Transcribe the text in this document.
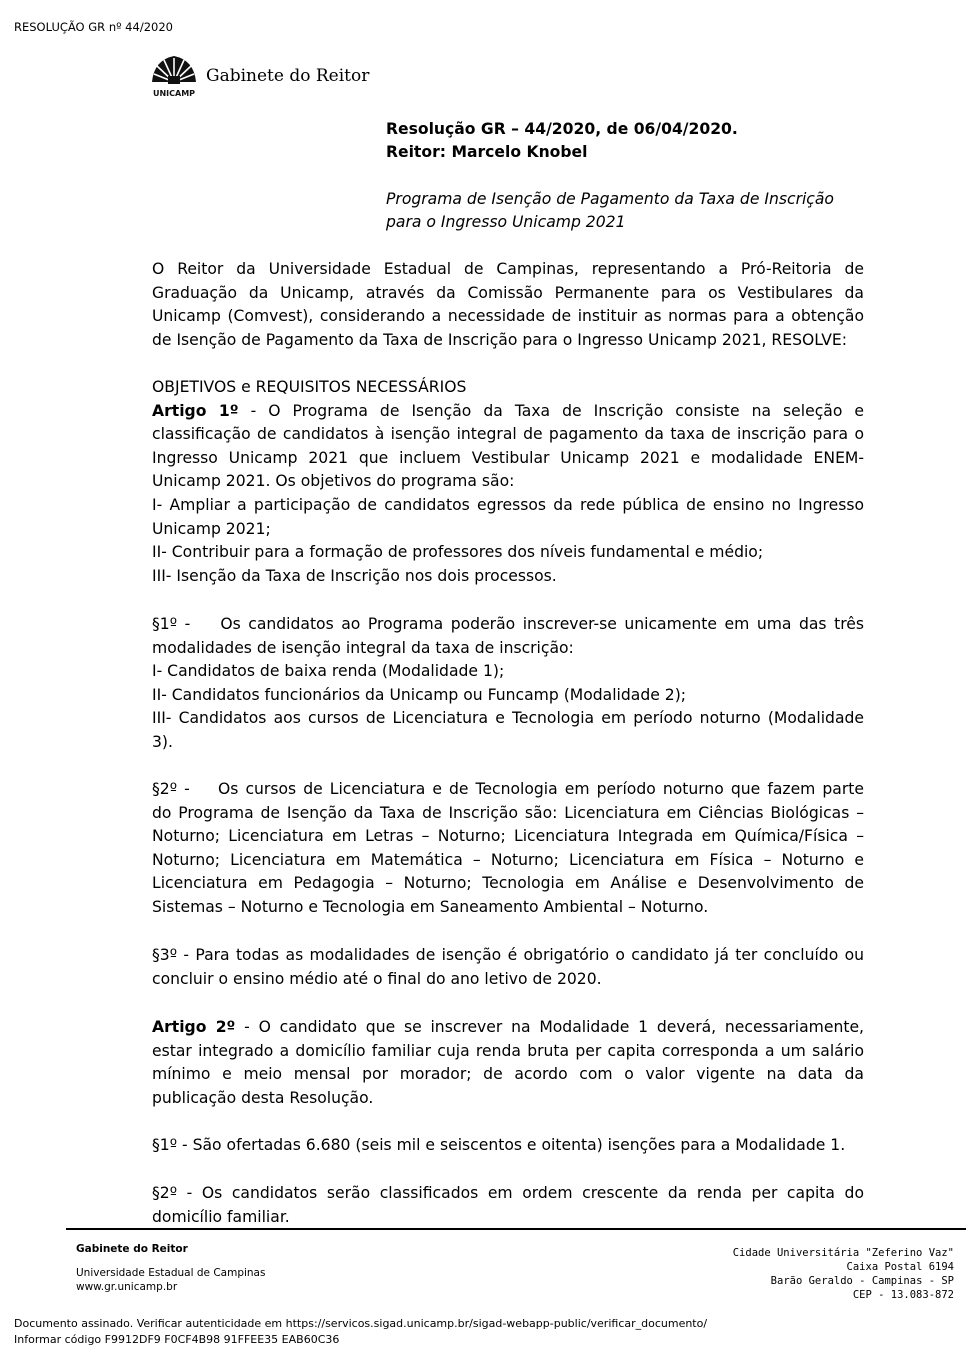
RESOLUÇÃO GR nº 44/2020
UNICAMP
Gabinete do Reitor
Resolução GR – 44/2020, de 06/04/2020.
Reitor: Marcelo Knobel
Programa de Isenção de Pagamento da Taxa de Inscrição
para o Ingresso Unicamp 2021
O Reitor da Universidade Estadual de Campinas, representando a Pró-Reitoria de
Graduação da Unicamp, através da Comissão Permanente para os Vestibulares da
Unicamp (Comvest), considerando a necessidade de instituir as normas para a obtenção
de Isenção de Pagamento da Taxa de Inscrição para o Ingresso Unicamp 2021, RESOLVE:
OBJETIVOS e REQUISITOS NECESSÁRIOS
Artigo 1º - O Programa de Isenção da Taxa de Inscrição consiste na seleção e
classificação de candidatos à isenção integral de pagamento da taxa de inscrição para o
Ingresso Unicamp 2021 que incluem Vestibular Unicamp 2021 e modalidade ENEM-
Unicamp 2021. Os objetivos do programa são:
I- Ampliar a participação de candidatos egressos da rede pública de ensino no Ingresso
Unicamp 2021;
II- Contribuir para a formação de professores dos níveis fundamental e médio;
III- Isenção da Taxa de Inscrição nos dois processos.
§1º -    Os candidatos ao Programa poderão inscrever-se unicamente em uma das três
modalidades de isenção integral da taxa de inscrição:
I- Candidatos de baixa renda (Modalidade 1);
II- Candidatos funcionários da Unicamp ou Funcamp (Modalidade 2);
III- Candidatos aos cursos de Licenciatura e Tecnologia em período noturno (Modalidade
3).
§2º -    Os cursos de Licenciatura e de Tecnologia em período noturno que fazem parte
do Programa de Isenção da Taxa de Inscrição são: Licenciatura em Ciências Biológicas –
Noturno; Licenciatura em Letras – Noturno; Licenciatura Integrada em Química/Física –
Noturno; Licenciatura em Matemática – Noturno; Licenciatura em Física – Noturno e
Licenciatura em Pedagogia – Noturno; Tecnologia em Análise e Desenvolvimento de
Sistemas – Noturno e Tecnologia em Saneamento Ambiental – Noturno.
§3º - Para todas as modalidades de isenção é obrigatório o candidato já ter concluído ou
concluir o ensino médio até o final do ano letivo de 2020.
Artigo 2º - O candidato que se inscrever na Modalidade 1 deverá, necessariamente,
estar integrado a domicílio familiar cuja renda bruta per capita corresponda a um salário
mínimo e meio mensal por morador; de acordo com o valor vigente na data da
publicação desta Resolução.
§1º - São ofertadas 6.680 (seis mil e seiscentos e oitenta) isenções para a Modalidade 1.
§2º - Os candidatos serão classificados em ordem crescente da renda per capita do
domicílio familiar.
Gabinete do Reitor
Universidade Estadual de Campinas
www.gr.unicamp.br
Cidade Universitária "Zeferino Vaz"
Caixa Postal 6194
Barão Geraldo - Campinas - SP
CEP - 13.083-872
Documento assinado. Verificar autenticidade em https://servicos.sigad.unicamp.br/sigad-webapp-public/verificar_documento/
Informar código F9912DF9 F0CF4B98 91FFEE35 EAB60C36
